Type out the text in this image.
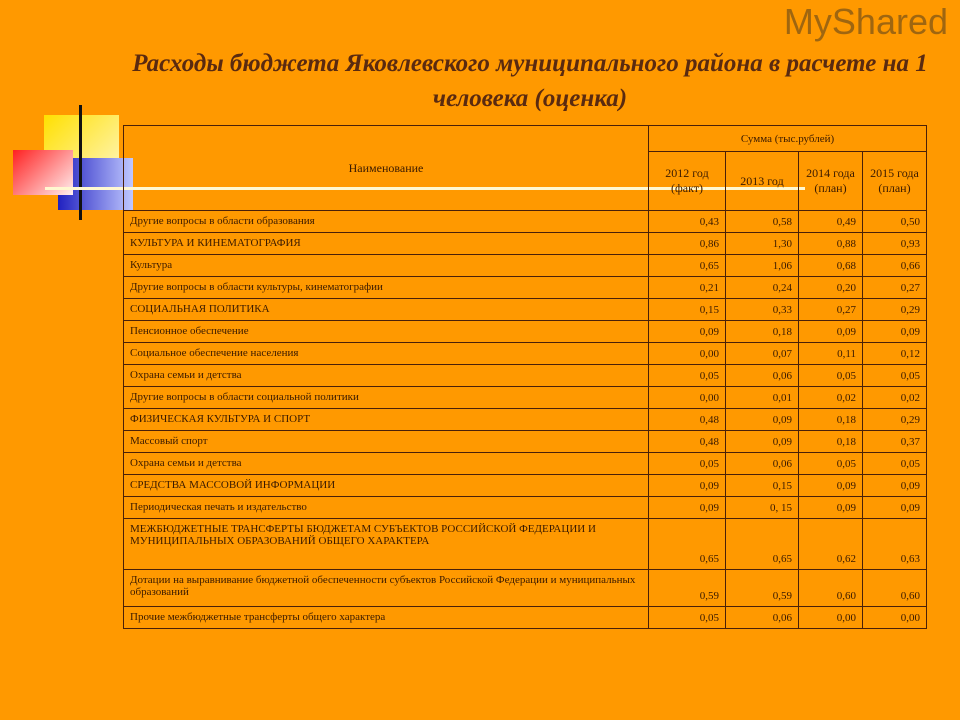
Расходы бюджета Яковлевского муниципального района в расчете на 1 человека (оценка)
Наименование	Сумма (тыс.рублей)			
	2012 год (факт)	2013 год	2014 года (план)	2015 года (план)
Другие вопросы в области образования	0,43	0,58	0,49	0,50
КУЛЬТУРА И КИНЕМАТОГРАФИЯ	0,86	1,30	0,88	0,93
Культура	0,65	1,06	0,68	0,66
Другие вопросы в области культуры, кинематографии	0,21	0,24	0,20	0,27
СОЦИАЛЬНАЯ ПОЛИТИКА	0,15	0,33	0,27	0,29
Пенсионное обеспечение	0,09	0,18	0,09	0,09
Социальное обеспечение населения	0,00	0,07	0,11	0,12
Охрана семьи и детства	0,05	0,06	0,05	0,05
Другие вопросы в области социальной политики	0,00	0,01	0,02	0,02
ФИЗИЧЕСКАЯ КУЛЬТУРА И СПОРТ	0,48	0,09	0,18	0,29
Массовый спорт	0,48	0,09	0,18	0,37
Охрана семьи и детства	0,05	0,06	0,05	0,05
СРЕДСТВА МАССОВОЙ ИНФОРМАЦИИ	0,09	0,15	0,09	0,09
Периодическая печать и издательство	0,09	0, 15	0,09	0,09
МЕЖБЮДЖЕТНЫЕ ТРАНСФЕРТЫ БЮДЖЕТАМ СУБЪЕКТОВ РОССИЙСКОЙ ФЕДЕРАЦИИ И МУНИЦИПАЛЬНЫХ ОБРАЗОВАНИЙ ОБЩЕГО ХАРАКТЕРА	0,65	0,65	0,62	0,63
Дотации на выравнивание бюджетной обеспеченности субъектов Российской Федерации и муниципальных образований	0,59	0,59	0,60	0,60
Прочие межбюджетные трансферты общего характера	0,05	0,06	0,00	0,00
MyShared
